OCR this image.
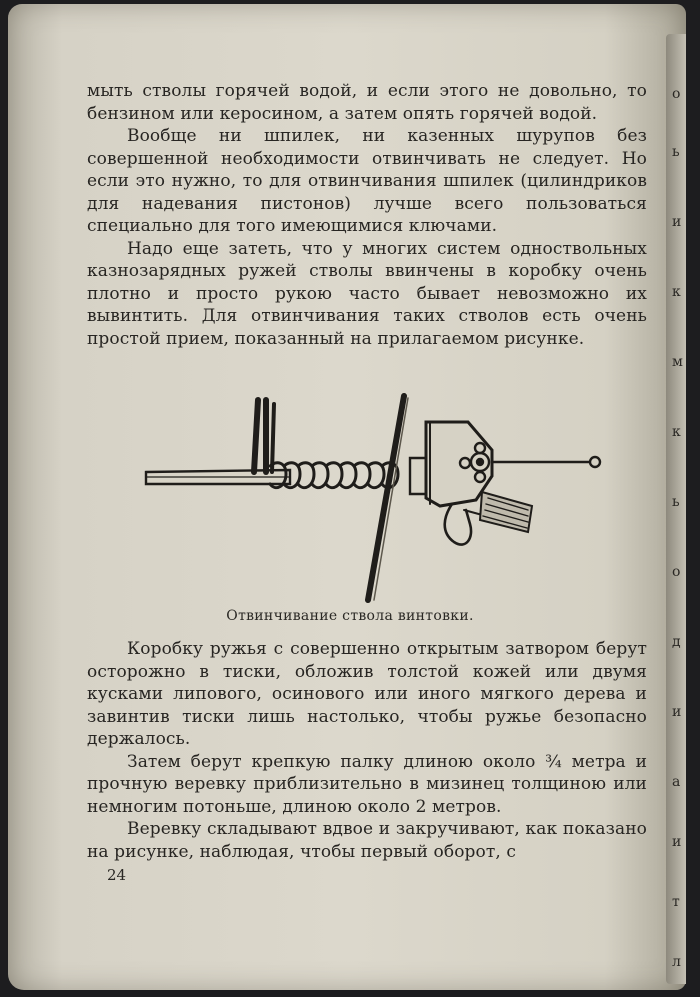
о
ь
и
к
м
к
ь
о
д
и
а
и
т
л

мыть стволы горячей водой, и если этого не довольно, то бензином или керосином, а затем опять горячей водой.

Вообще ни шпилек, ни казенных шурупов без совершенной необходимости отвинчивать не следует. Но если это нужно, то для отвинчивания шпилек (цилиндриков для надевания пистонов) лучше всего пользоваться специально для того имеющимися ключами.

Надо еще затеть, что у многих систем одноствольных казнозарядных ружей стволы ввинчены в коробку очень плотно и просто рукою часто бывает невозможно их вывинтить. Для отвинчивания таких стволов есть очень простой прием, показанный на прилагаемом рисунке.

Отвинчивание ствола винтовки.

Коробку ружья с совершенно открытым затвором берут осторожно в тиски, обложив толстой кожей или двумя кусками липового, осинового или иного мягкого дерева и завинтив тиски лишь настолько, чтобы ружье безопасно держалось.

Затем берут крепкую палку длиною около ¾ метра и прочную веревку приблизительно в мизинец толщиною или немногим потоньше, длиною около 2 метров.

Веревку складывают вдвое и закручивают, как показано на рисунке, наблюдая, чтобы первый оборот, с

24
